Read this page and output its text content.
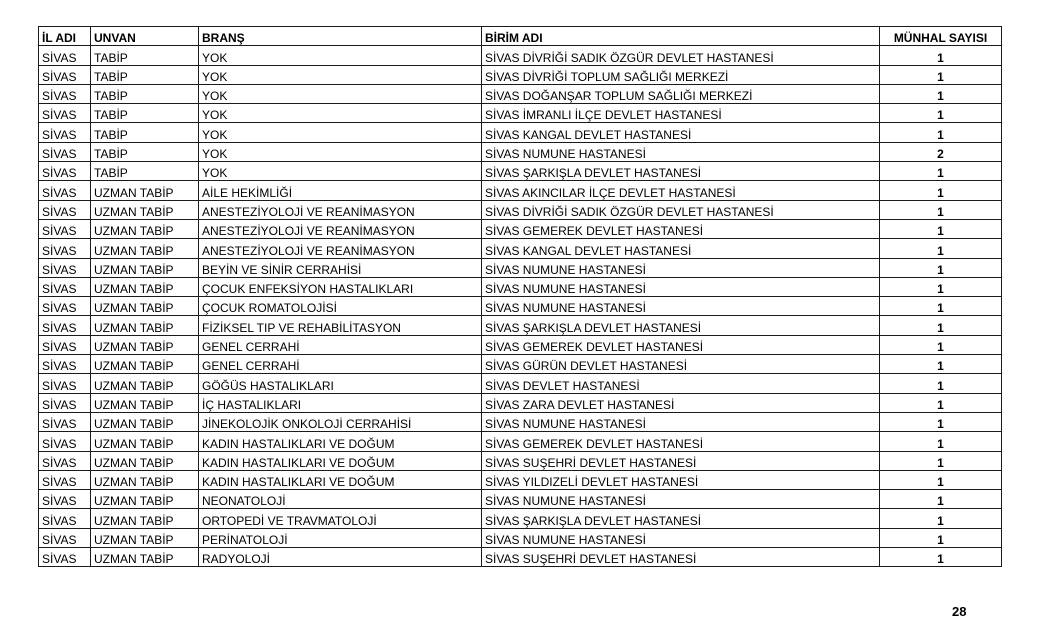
İL ADI	UNVAN	BRANŞ	BİRİM ADI	MÜNHAL SAYISI
SİVAS	TABİP	YOK	SİVAS DİVRİĞİ SADIK ÖZGÜR DEVLET HASTANESİ	1
SİVAS	TABİP	YOK	SİVAS DİVRİĞİ TOPLUM SAĞLIĞI MERKEZİ	1
SİVAS	TABİP	YOK	SİVAS DOĞANŞAR TOPLUM SAĞLIĞI MERKEZİ	1
SİVAS	TABİP	YOK	SİVAS İMRANLI İLÇE DEVLET HASTANESİ	1
SİVAS	TABİP	YOK	SİVAS KANGAL DEVLET HASTANESİ	1
SİVAS	TABİP	YOK	SİVAS NUMUNE HASTANESİ	2
SİVAS	TABİP	YOK	SİVAS ŞARKIŞLA DEVLET HASTANESİ	1
SİVAS	UZMAN TABİP	AİLE HEKİMLİĞİ	SİVAS AKINCILAR İLÇE DEVLET HASTANESİ	1
SİVAS	UZMAN TABİP	ANESTEZİYOLOJİ VE REANİMASYON	SİVAS DİVRİĞİ SADIK ÖZGÜR DEVLET HASTANESİ	1
SİVAS	UZMAN TABİP	ANESTEZİYOLOJİ VE REANİMASYON	SİVAS GEMEREK DEVLET HASTANESİ	1
SİVAS	UZMAN TABİP	ANESTEZİYOLOJİ VE REANİMASYON	SİVAS KANGAL DEVLET HASTANESİ	1
SİVAS	UZMAN TABİP	BEYİN VE SİNİR CERRAHİSİ	SİVAS NUMUNE HASTANESİ	1
SİVAS	UZMAN TABİP	ÇOCUK ENFEKSİYON HASTALIKLARI	SİVAS NUMUNE HASTANESİ	1
SİVAS	UZMAN TABİP	ÇOCUK ROMATOLOJİSİ	SİVAS NUMUNE HASTANESİ	1
SİVAS	UZMAN TABİP	FİZİKSEL TIP VE REHABİLİTASYON	SİVAS ŞARKIŞLA DEVLET HASTANESİ	1
SİVAS	UZMAN TABİP	GENEL CERRAHİ	SİVAS GEMEREK DEVLET HASTANESİ	1
SİVAS	UZMAN TABİP	GENEL CERRAHİ	SİVAS GÜRÜN DEVLET HASTANESİ	1
SİVAS	UZMAN TABİP	GÖĞÜS HASTALIKLARI	SİVAS DEVLET HASTANESİ	1
SİVAS	UZMAN TABİP	İÇ HASTALIKLARI	SİVAS ZARA DEVLET HASTANESİ	1
SİVAS	UZMAN TABİP	JİNEKOLOJİK ONKOLOJİ CERRAHİSİ	SİVAS NUMUNE HASTANESİ	1
SİVAS	UZMAN TABİP	KADIN HASTALIKLARI VE DOĞUM	SİVAS GEMEREK DEVLET HASTANESİ	1
SİVAS	UZMAN TABİP	KADIN HASTALIKLARI VE DOĞUM	SİVAS SUŞEHRİ DEVLET HASTANESİ	1
SİVAS	UZMAN TABİP	KADIN HASTALIKLARI VE DOĞUM	SİVAS YILDIZELİ DEVLET HASTANESİ	1
SİVAS	UZMAN TABİP	NEONATOLOJİ	SİVAS NUMUNE HASTANESİ	1
SİVAS	UZMAN TABİP	ORTOPEDİ VE TRAVMATOLOJİ	SİVAS ŞARKIŞLA DEVLET HASTANESİ	1
SİVAS	UZMAN TABİP	PERİNATOLOJİ	SİVAS NUMUNE HASTANESİ	1
SİVAS	UZMAN TABİP	RADYOLOJİ	SİVAS SUŞEHRİ DEVLET HASTANESİ	1
28
